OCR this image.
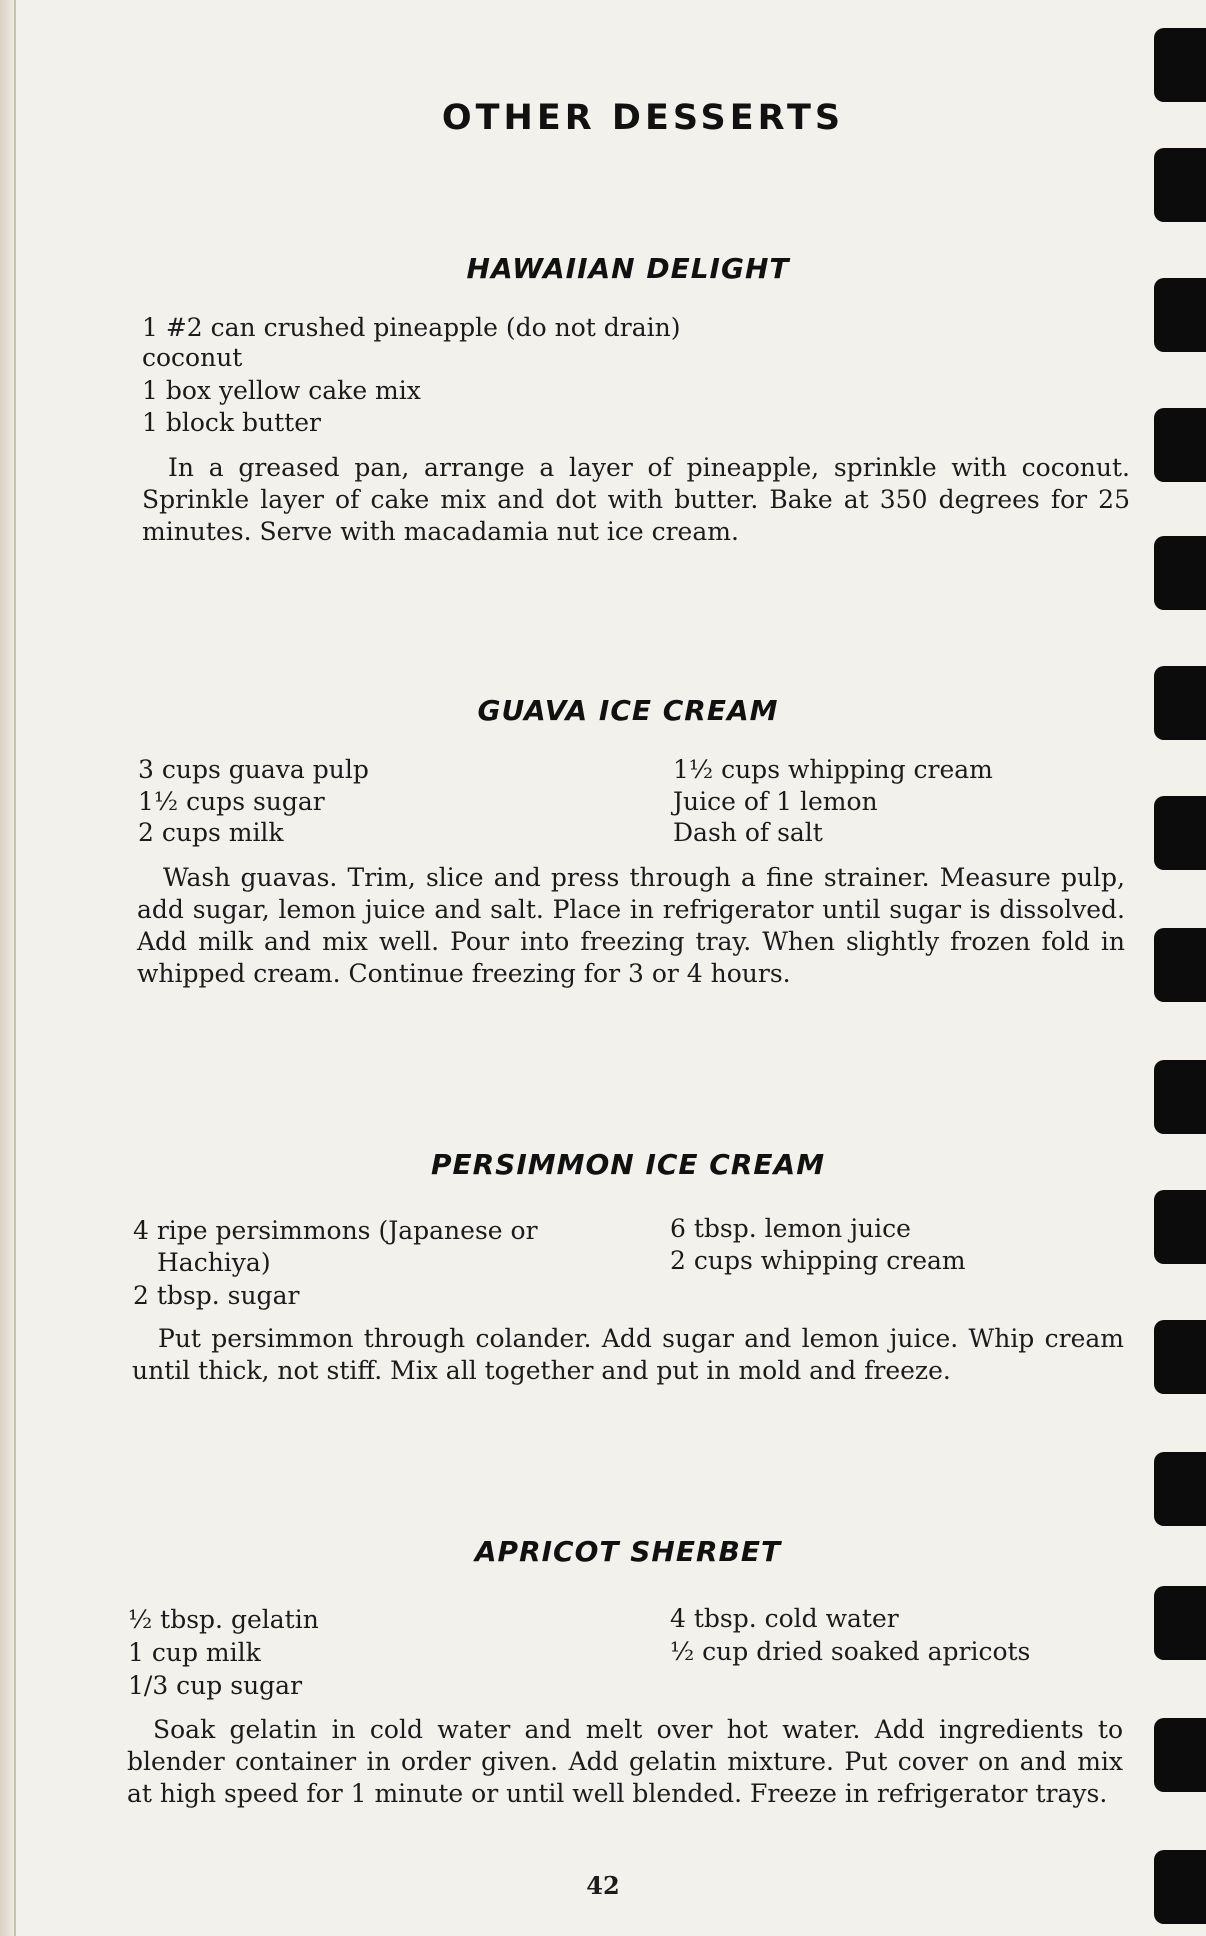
OTHER DESSERTS
HAWAIIAN DELIGHT
1 #2 can crushed pineapple (do not drain)
coconut
1 box yellow cake mix
1 block butter
In a greased pan, arrange a layer of pineapple, sprinkle with coconut. Sprinkle layer of cake mix and dot with butter. Bake at 350 degrees for 25 minutes. Serve with macadamia nut ice cream.
GUAVA ICE CREAM
3 cups guava pulp
1½ cups sugar
2 cups milk
1½ cups whipping cream
Juice of 1 lemon
Dash of salt
Wash guavas. Trim, slice and press through a fine strainer. Measure pulp, add sugar, lemon juice and salt. Place in refrigerator until sugar is dissolved. Add milk and mix well. Pour into freezing tray. When slightly frozen fold in whipped cream. Continue freezing for 3 or 4 hours.
PERSIMMON ICE CREAM
4 ripe persimmons (Japanese or
Hachiya)
2 tbsp. sugar
6 tbsp. lemon juice
2 cups whipping cream
Put persimmon through colander. Add sugar and lemon juice. Whip cream until thick, not stiff. Mix all together and put in mold and freeze.
APRICOT SHERBET
½ tbsp. gelatin
1 cup milk
1/3 cup sugar
4 tbsp. cold water
½ cup dried soaked apricots
Soak gelatin in cold water and melt over hot water. Add ingredients to blender container in order given. Add gelatin mixture. Put cover on and mix at high speed for 1 minute or until well blended. Freeze in refrigerator trays.
42
